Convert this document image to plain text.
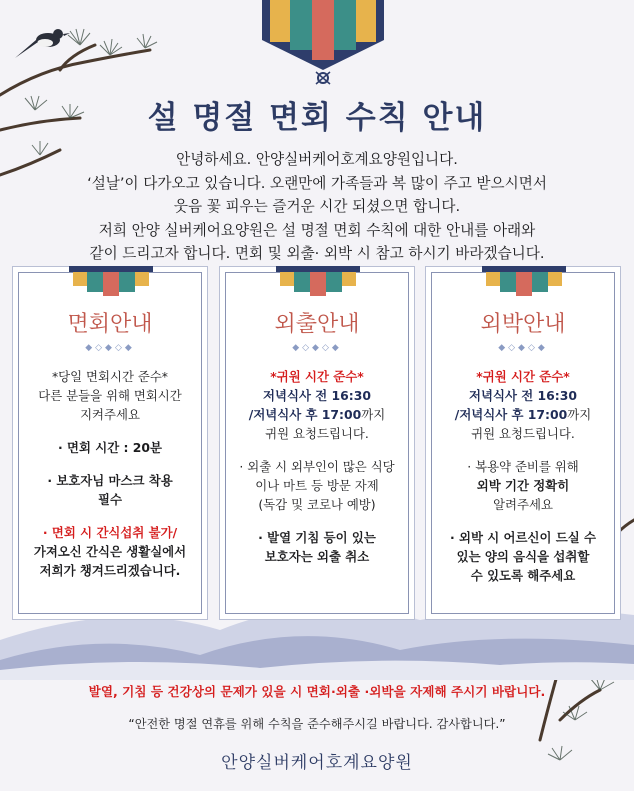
설 명절 면회 수칙 안내
안녕하세요. 안양실버케어호계요양원입니다.
‘설날’이 다가오고 있습니다. 오랜만에 가족들과 복 많이 주고 받으시면서
웃음 꽃 피우는 즐거운 시간 되셨으면 합니다.
저희 안양 실버케어요양원은 설 명절 면회 수칙에 대한 안내를 아래와
같이 드리고자 합니다. 면회 및 외출· 외박 시 참고 하시기 바라겠습니다.
면회안내
◆◇◆◇◆

*당일 면회시간 준수*
다른 분들을 위해 면회시간
지켜주세요

· 면회 시간 : 20분

· 보호자님 마스크 착용
필수

· 면회 시 간식섭취 불가/
가져오신 간식은 생활실에서
저희가 챙겨드리겠습니다.

외출안내
◆◇◆◇◆

*귀원 시간 준수*
저녁식사 전 16:30
/저녁식사 후 17:00까지
귀원 요청드립니다.

· 외출 시 외부인이 많은 식당
이나 마트 등 방문 자제
(독감 및 코로나 예방)

· 발열 기침 등이 있는
보호자는 외출 취소

외박안내
◆◇◆◇◆

*귀원 시간 준수*
저녁식사 전 16:30
/저녁식사 후 17:00까지
귀원 요청드립니다.

· 복용약 준비를 위해
외박 기간 정확히
알려주세요

· 외박 시 어르신이 드실 수
있는 양의 음식을 섭취할
수 있도록 해주세요

발열, 기침 등 건강상의 문제가 있을 시 면회·외출 ·외박을 자제해 주시기 바랍니다.
“안전한 명절 연휴를 위해 수칙을 준수해주시길 바랍니다. 감사합니다.”
안양실버케어호계요양원
